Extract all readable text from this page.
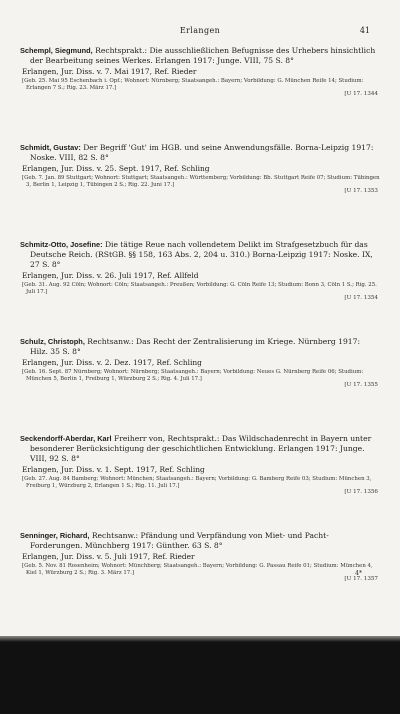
Erlangen	41
Schempl, Siegmund, Rechtsprakt.: Die ausschließlichen Befugnisse des Urhebers hinsichtlich der Bearbeitung seines Werkes. Erlangen 1917: Junge. VIII, 75 S. 8°
Erlangen, Jur. Diss. v. 7. Mai 1917, Ref. Rieder
[Geb. 25. Mai 95 Eschenbach i. Opf.; Wohnort: Nürnberg; Staatsangeh.: Bayern; Vorbildung: G. München Reife 14; Studium: Erlangen 7 S.; Rig. 23. März 17.]
[U 17. 1344
Schmidt, Gustav: Der Begriff 'Gut' im HGB. und seine Anwendungsfälle. Borna-Leipzig 1917: Noske. VIII, 82 S. 8°
Erlangen, Jur. Diss. v. 25. Sept. 1917, Ref. Schling
[Geb. 7. Jan. 89 Stuttgart; Wohnort: Stuttgart; Staatsangeh.: Württemberg; Vorbildung: Bb. Stuttgart Reife 07; Studium: Tübingen 3, Berlin 1, Leipzig 1, Tübingen 2 S.; Rig. 22. Juni 17.]
[U 17. 1353
Schmitz-Otto, Josefine: Die tätige Reue nach vollendetem Delikt im Strafgesetzbuch für das Deutsche Reich. (RStGB. §§ 158, 163 Abs. 2, 204 u. 310.) Borna-Leipzig 1917: Noske. IX, 27 S. 8°
Erlangen, Jur. Diss. v. 26. Juli 1917, Ref. Allfeld
[Geb. 31. Aug. 92 Cöln; Wohnort: Cöln; Staatsangeh.: Preußen; Vorbildung: G. Cöln Reife 13; Studium: Bonn 3, Cöln 1 S.; Rig. 25. Juli 17.]
[U 17. 1354
Schulz, Christoph, Rechtsanw.: Das Recht der Zentralisierung im Kriege. Nürnberg 1917: Hilz. 35 S. 8°
Erlangen, Jur. Diss. v. 2. Dez. 1917, Ref. Schling
[Geb. 16. Sept. 87 Nürnberg; Wohnort: Nürnberg; Staatsangeh.: Bayern; Vorbildung: Neues G. Nürnberg Reife 06; Studium: München 5, Berlin 1, Freiburg 1, Würzburg 2 S.; Rig. 4. Juli 17.]
[U 17. 1355
Seckendorff-Aberdar, Karl Freiherr von, Rechtsprakt.: Das Wildschadenrecht in Bayern unter besonderer Berücksichtigung der geschichtlichen Entwicklung. Erlangen 1917: Junge. VIII, 92 S. 8°
Erlangen, Jur. Diss. v. 1. Sept. 1917, Ref. Schling
[Geb. 27. Aug. 84 Bamberg; Wohnort: München; Staatsangeh.: Bayern; Vorbildung: G. Bamberg Reife 03; Studium: München 3, Freiburg 1, Würzburg 2, Erlangen 1 S.; Rig. 11. Juli 17.]
[U 17. 1356
Senninger, Richard, Rechtsanw.: Pfändung und Verpfändung von Miet- und Pacht-Forderungen. Münchberg 1917: Günther. 63 S. 8°
Erlangen, Jur. Diss. v. 5. Juli 1917, Ref. Rieder
[Geb. 5. Nov. 81 Rosenheim; Wohnort: Münchberg; Staatsangeh.: Bayern; Vorbildung: G. Passau Reife 01; Studium: München 4, Kiel 1, Würzburg 2 S.; Rig. 3. März 17.]
[U 17. 1357
4*
